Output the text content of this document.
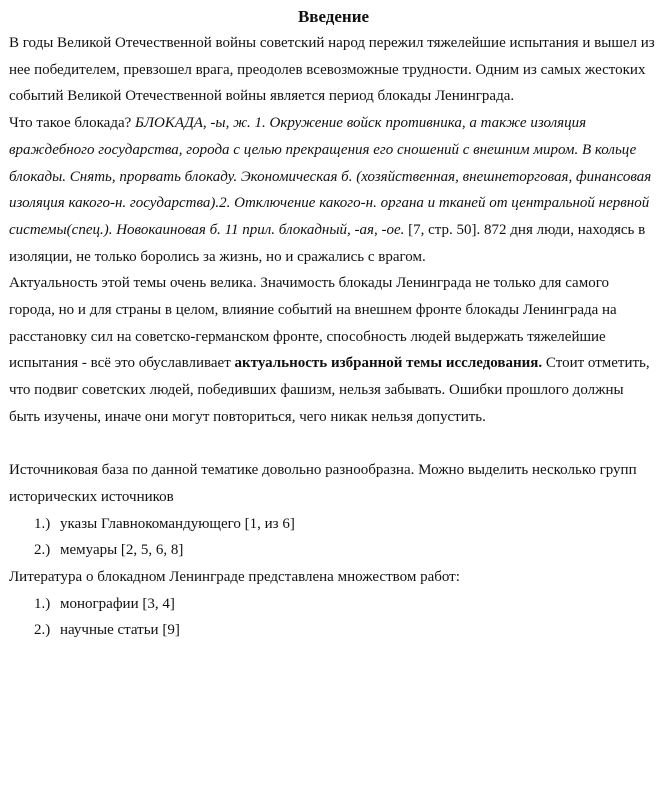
Введение

В годы Великой Отечественной войны советский народ пережил тяжелейшие испытания и вышел из нее победителем, превзошел врага, преодолев всевозможные трудности. Одним из самых жестоких событий Великой Отечественной войны является период блокады Ленинграда.

Что такое блокада? БЛОКАДА, -ы, ж. 1. Окружение войск противника, а также изоляция враждебного государства, города с целью прекращения его сношений с внешним миром. В кольце блокады. Снять, прорвать блокаду. Экономическая б. (хозяйственная, внешнеторговая, финансовая изоляция какого-н. государства).2. Отключение какого-н. органа и тканей от центральной нервной системы(спец.). Новокаиновая б. 11 прил. блокадный, -ая, -ое. [7, стр. 50]. 872 дня люди, находясь в изоляции, не только боролись за жизнь, но и сражались с врагом.

Актуальность этой темы очень велика. Значимость блокады Ленинграда не только для самого города, но и для страны в целом, влияние событий на внешнем фронте блокады Ленинграда на расстановку сил на советско-германском фронте, способность людей выдержать тяжелейшие испытания - всё это обуславливает актуальность избранной темы исследования. Стоит отметить, что подвиг советских людей, победивших фашизм, нельзя забывать. Ошибки прошлого должны быть изучены, иначе они могут повториться, чего никак нельзя допустить.

Источниковая база по данной тематике довольно разнообразна. Можно выделить несколько групп исторических источников

1.) указы Главнокомандующего [1, из 6]

2.) мемуары [2, 5, 6, 8]

Литература о блокадном Ленинграде представлена множеством работ:

1.) монографии [3, 4]

2.) научные статьи [9]
